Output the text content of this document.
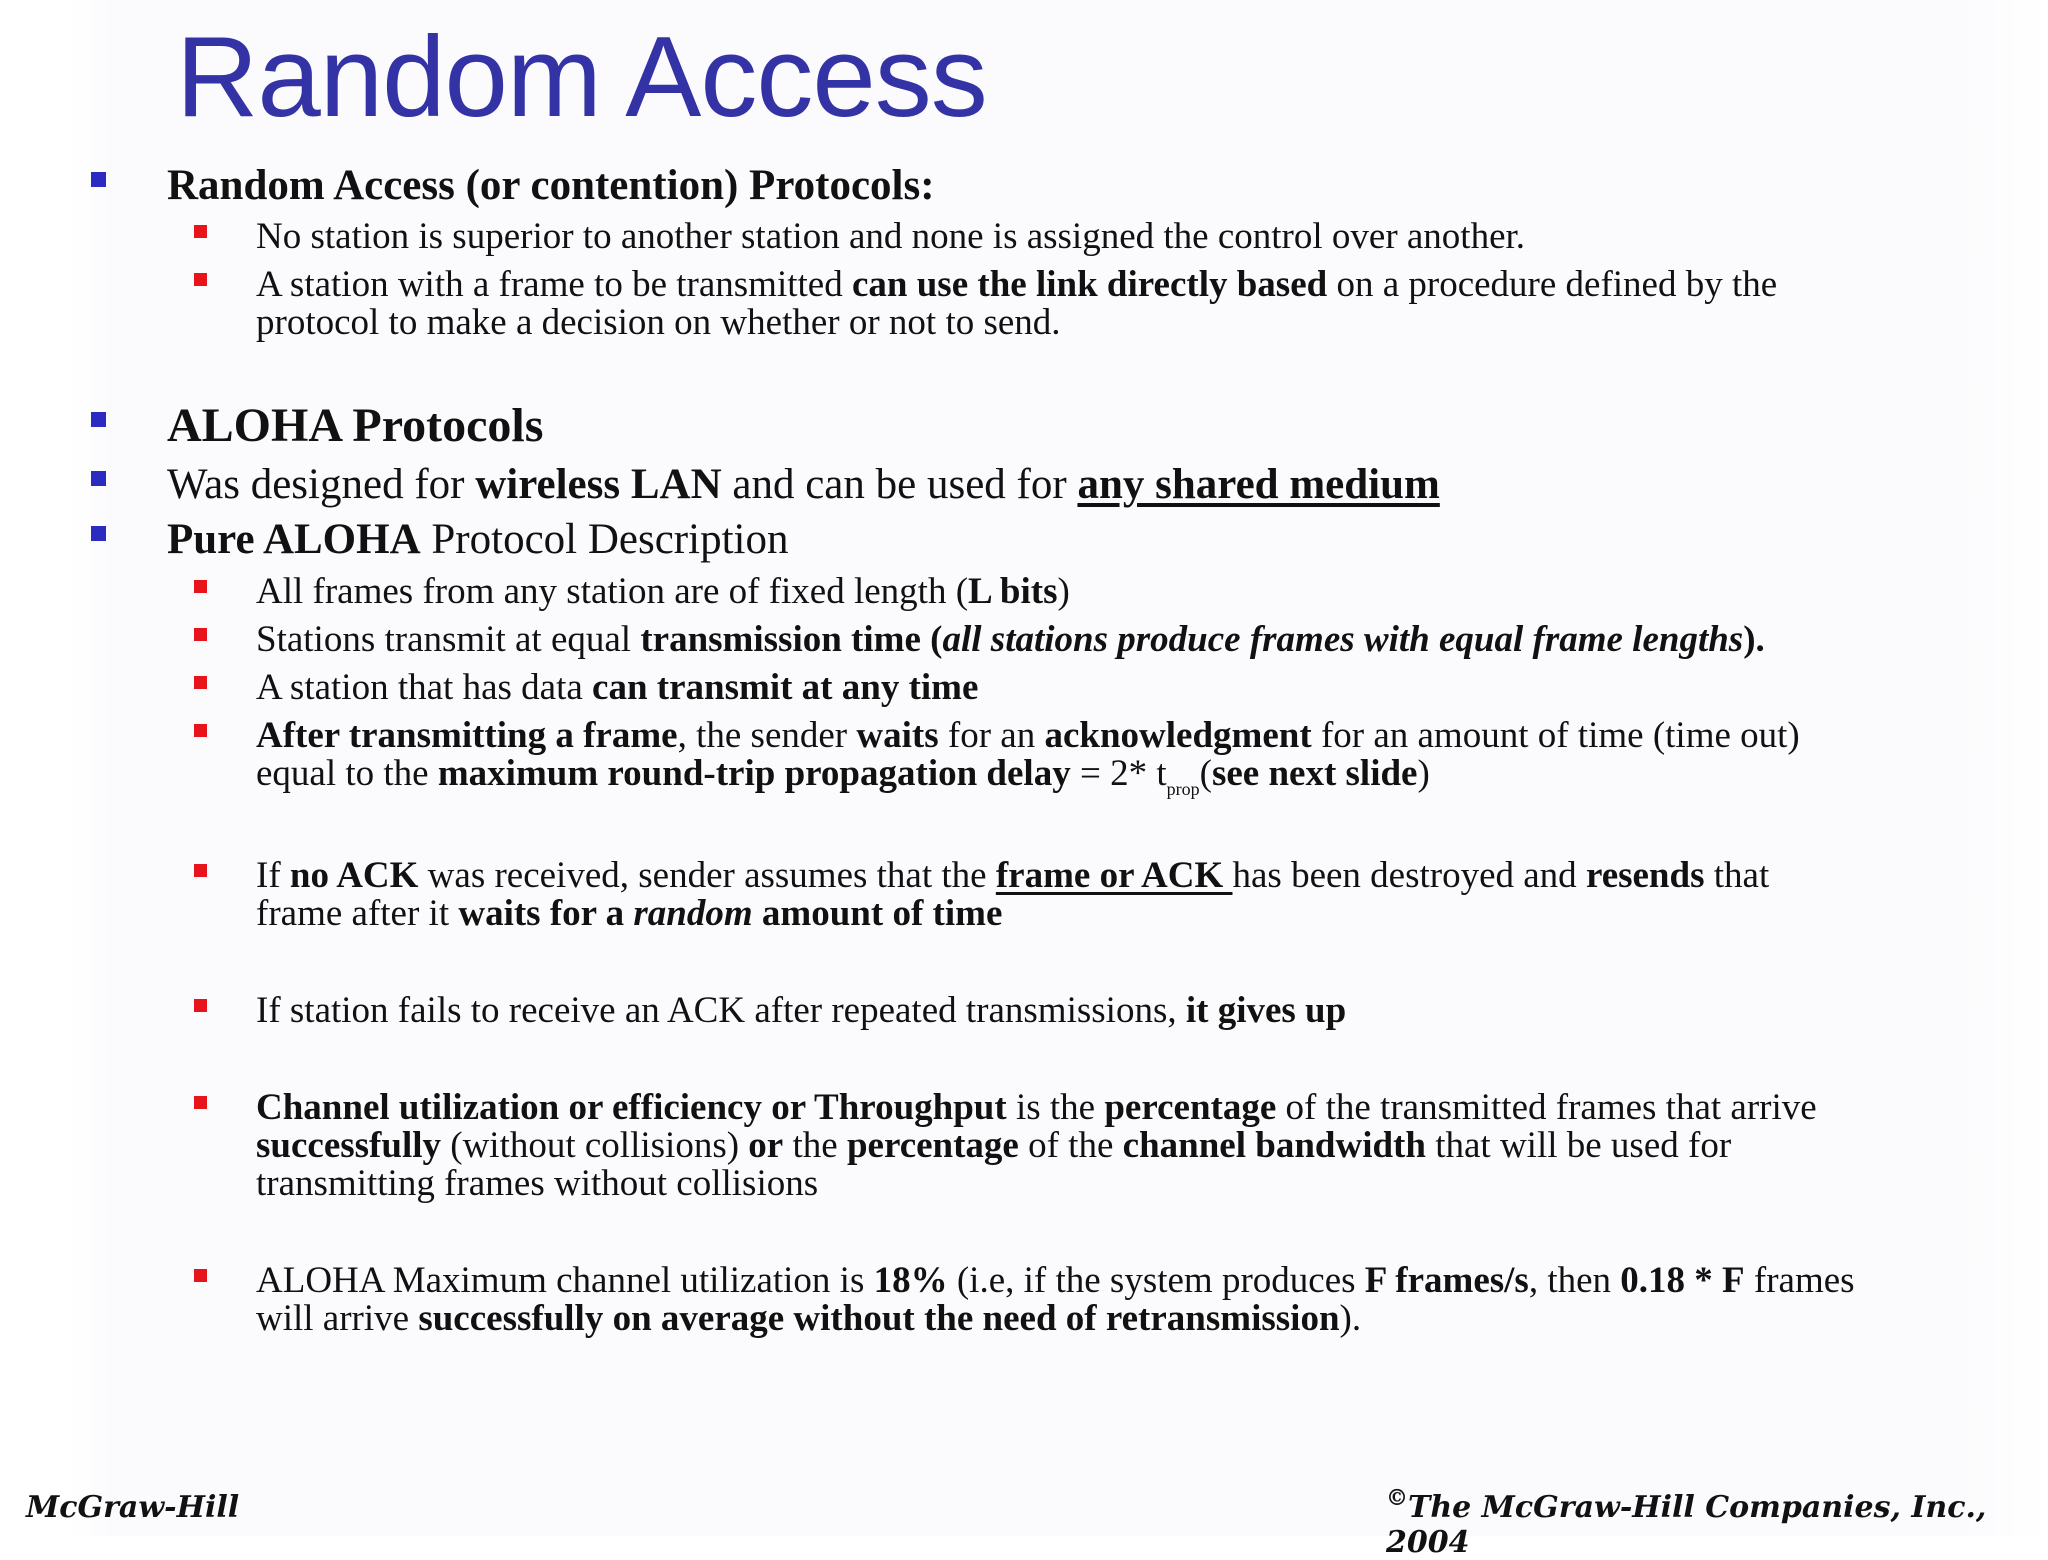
Random Access
Random Access (or contention) Protocols:
No station is superior to another station and none is assigned the control over another.
A station with a frame to be transmitted can use the link directly based on a procedure defined by the
protocol to make a decision on whether or not to send.
ALOHA Protocols
Was designed for wireless LAN and can be used for any shared medium
Pure ALOHA Protocol Description
All frames from any station are of fixed length (L bits)
Stations transmit at equal transmission time (all stations produce frames with equal frame lengths).
A station that has data can transmit at any time
After transmitting a frame, the sender waits for an acknowledgment for an amount of time (time out)
equal to the maximum round-trip propagation delay = 2* $t_{prop}(see$ next slide)
If no ACK was received, sender assumes that the frame or ACK has been destroyed and resends that
frame after it waits for a random amount of time
If station fails to receive an ACK after repeated transmissions, it gives up
Channel utilization or efficiency or Throughput is the percentage of the transmitted frames that arrive
successfully (without collisions) or the percentage of the channel bandwidth that will be used for
transmitting frames without collisions
ALOHA Maximum channel utilization is 18% (i.e, if the system produces F frames/s, then 0.18 * F frames
will arrive successfully on average without the need of retransmission).
McGraw-Hill	©The McGraw-Hill Companies, Inc., 2004
